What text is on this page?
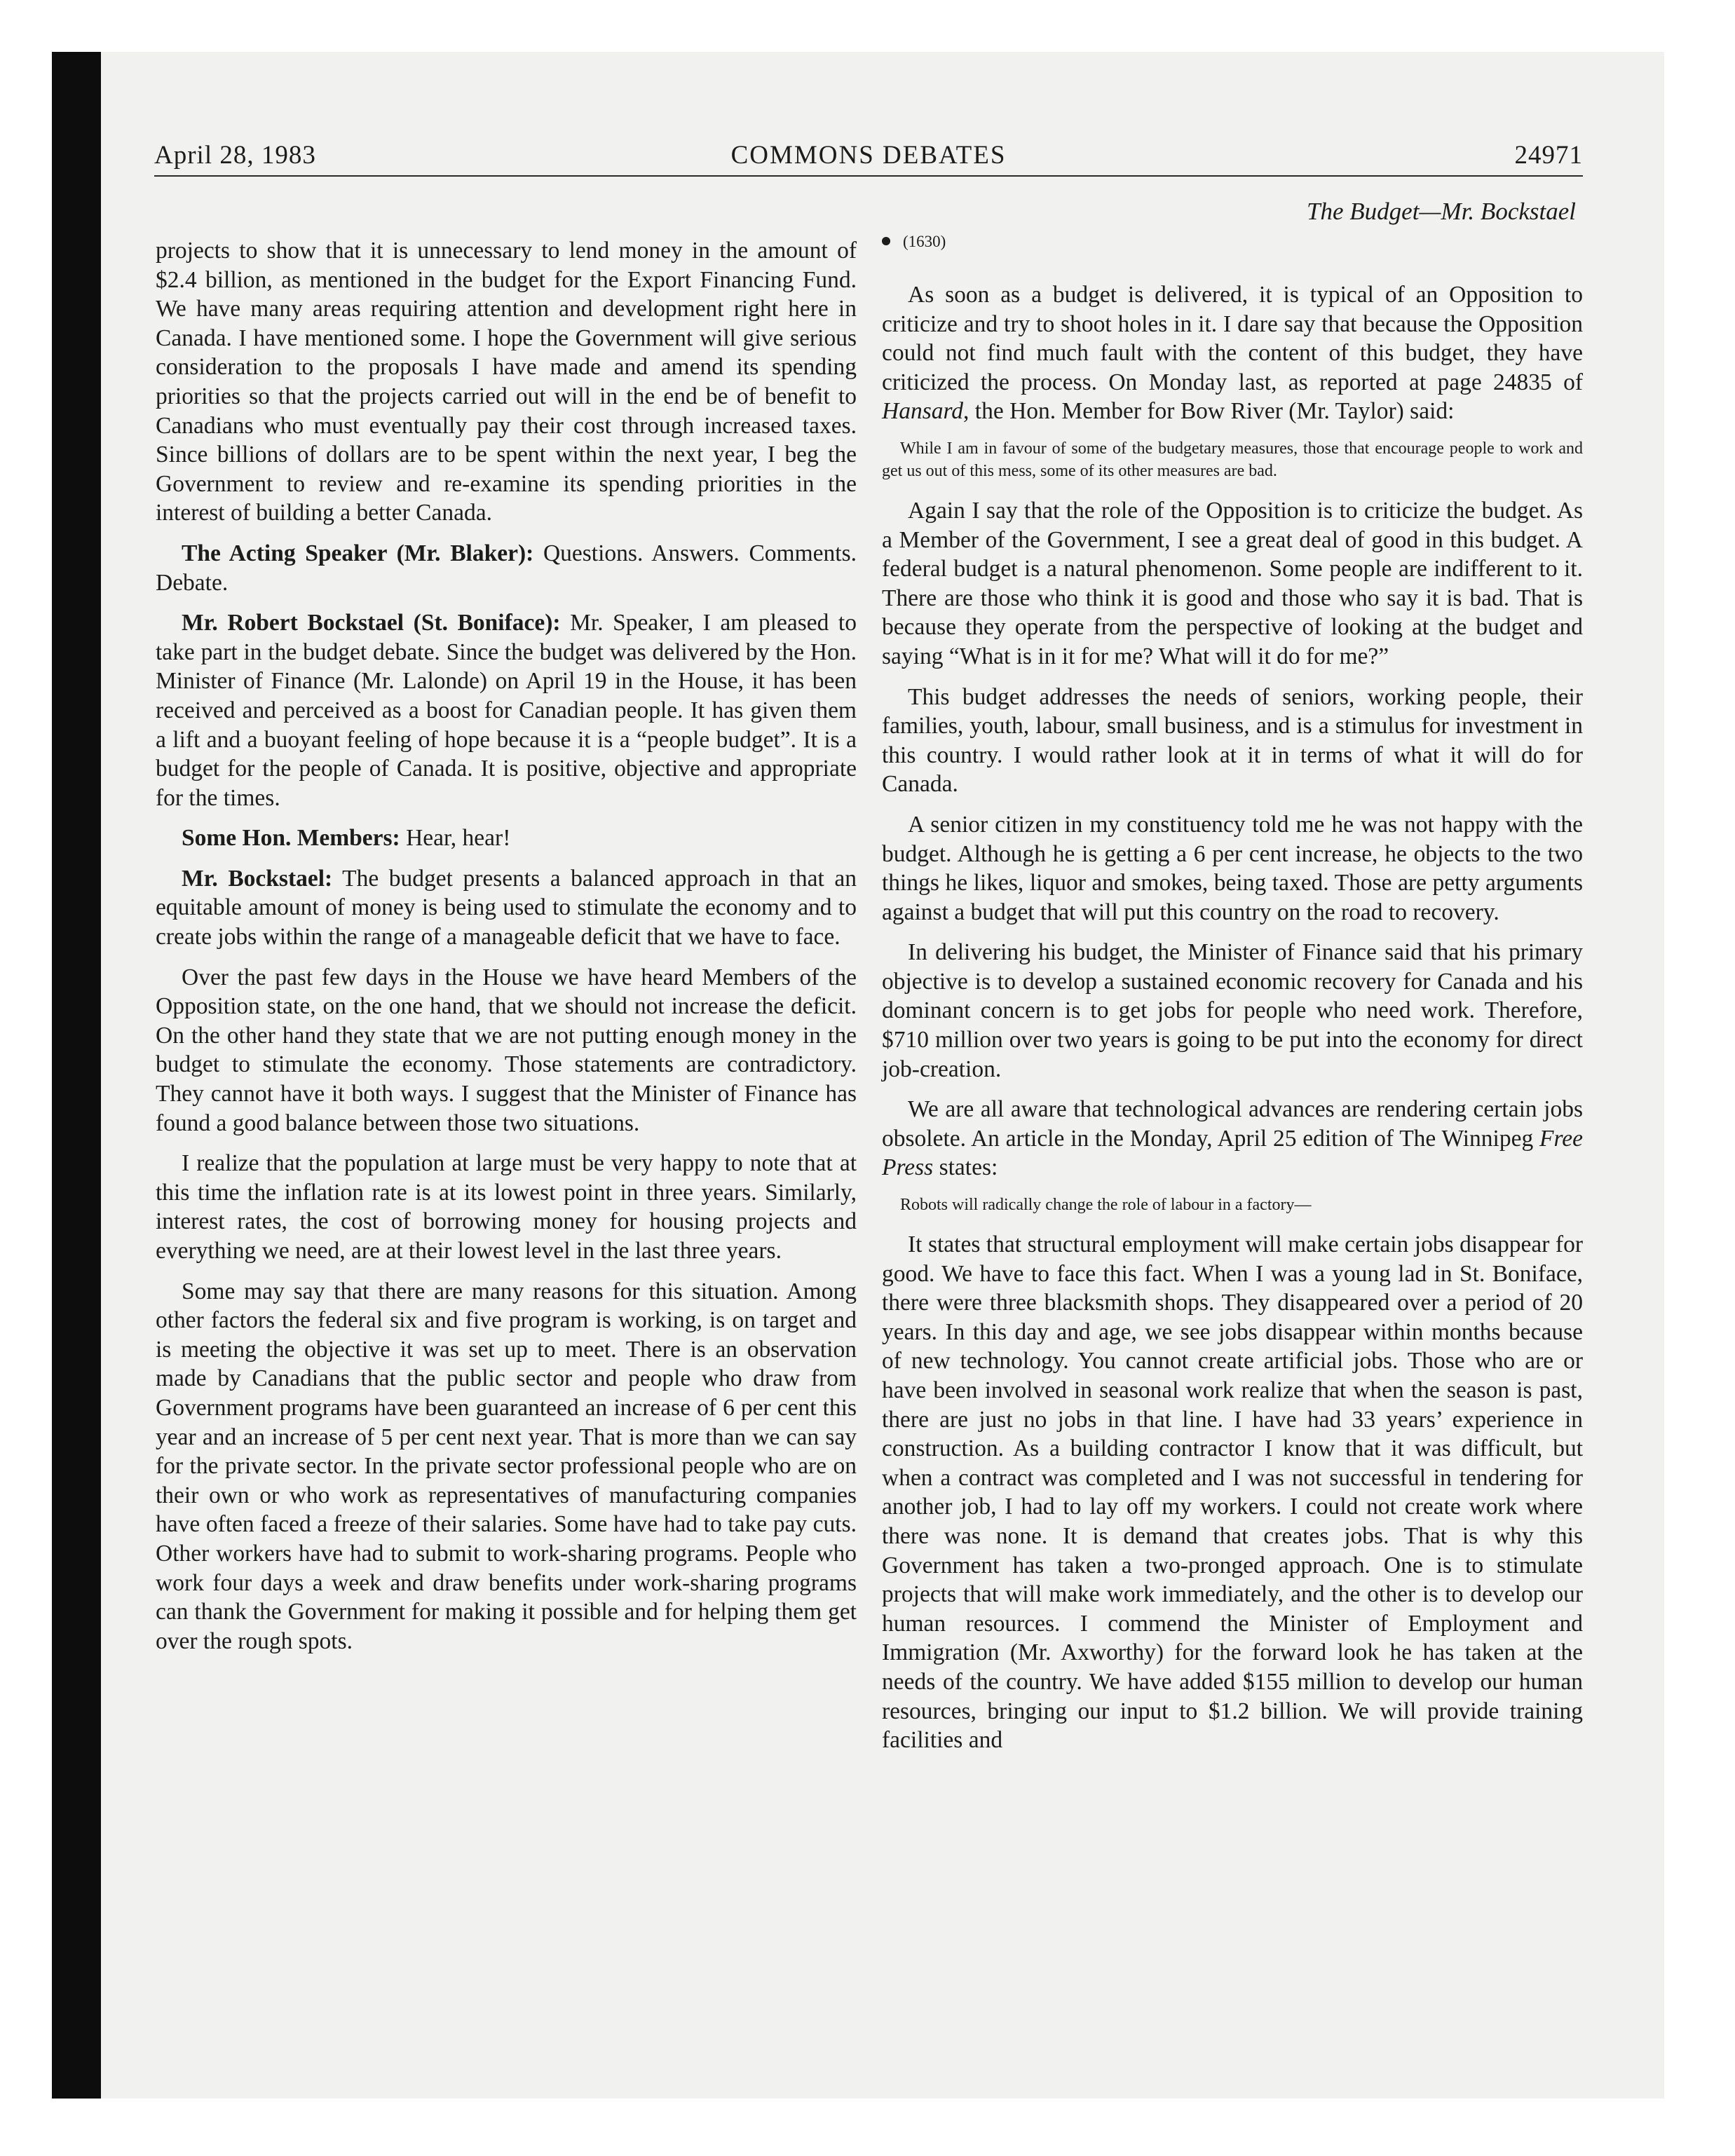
April 28, 1983	COMMONS DEBATES	24971

projects to show that it is unnecessary to lend money in the amount of $2.4 billion, as mentioned in the budget for the Export Financing Fund. We have many areas requiring attention and development right here in Canada. I have mentioned some. I hope the Government will give serious consideration to the proposals I have made and amend its spending priorities so that the projects carried out will in the end be of benefit to Canadians who must eventually pay their cost through increased taxes. Since billions of dollars are to be spent within the next year, I beg the Government to review and re-examine its spending priorities in the interest of building a better Canada.

The Acting Speaker (Mr. Blaker): Questions. Answers. Comments. Debate.

Mr. Robert Bockstael (St. Boniface): Mr. Speaker, I am pleased to take part in the budget debate. Since the budget was delivered by the Hon. Minister of Finance (Mr. Lalonde) on April 19 in the House, it has been received and perceived as a boost for Canadian people. It has given them a lift and a buoyant feeling of hope because it is a “people budget”. It is a budget for the people of Canada. It is positive, objective and appropriate for the times.

Some Hon. Members: Hear, hear!

Mr. Bockstael: The budget presents a balanced approach in that an equitable amount of money is being used to stimulate the economy and to create jobs within the range of a manageable deficit that we have to face.

Over the past few days in the House we have heard Members of the Opposition state, on the one hand, that we should not increase the deficit. On the other hand they state that we are not putting enough money in the budget to stimulate the economy. Those statements are contradictory. They cannot have it both ways. I suggest that the Minister of Finance has found a good balance between those two situations.

I realize that the population at large must be very happy to note that at this time the inflation rate is at its lowest point in three years. Similarly, interest rates, the cost of borrowing money for housing projects and everything we need, are at their lowest level in the last three years.

Some may say that there are many reasons for this situation. Among other factors the federal six and five program is working, is on target and is meeting the objective it was set up to meet. There is an observation made by Canadians that the public sector and people who draw from Government programs have been guaranteed an increase of 6 per cent this year and an increase of 5 per cent next year. That is more than we can say for the private sector. In the private sector professional people who are on their own or who work as representatives of manufacturing companies have often faced a freeze of their salaries. Some have had to take pay cuts. Other workers have had to submit to work-sharing programs. People who work four days a week and draw benefits under work-sharing programs can thank the Government for making it possible and for helping them get over the rough spots.

The Budget—Mr. Bockstael
(1630)

As soon as a budget is delivered, it is typical of an Opposition to criticize and try to shoot holes in it. I dare say that because the Opposition could not find much fault with the content of this budget, they have criticized the process. On Monday last, as reported at page 24835 of Hansard, the Hon. Member for Bow River (Mr. Taylor) said:

While I am in favour of some of the budgetary measures, those that encourage people to work and get us out of this mess, some of its other measures are bad.

Again I say that the role of the Opposition is to criticize the budget. As a Member of the Government, I see a great deal of good in this budget. A federal budget is a natural phenomenon. Some people are indifferent to it. There are those who think it is good and those who say it is bad. That is because they operate from the perspective of looking at the budget and saying “What is in it for me? What will it do for me?”

This budget addresses the needs of seniors, working people, their families, youth, labour, small business, and is a stimulus for investment in this country. I would rather look at it in terms of what it will do for Canada.

A senior citizen in my constituency told me he was not happy with the budget. Although he is getting a 6 per cent increase, he objects to the two things he likes, liquor and smokes, being taxed. Those are petty arguments against a budget that will put this country on the road to recovery.

In delivering his budget, the Minister of Finance said that his primary objective is to develop a sustained economic recovery for Canada and his dominant concern is to get jobs for people who need work. Therefore, $710 million over two years is going to be put into the economy for direct job-creation.

We are all aware that technological advances are rendering certain jobs obsolete. An article in the Monday, April 25 edition of The Winnipeg Free Press states:

Robots will radically change the role of labour in a factory—

It states that structural employment will make certain jobs disappear for good. We have to face this fact. When I was a young lad in St. Boniface, there were three blacksmith shops. They disappeared over a period of 20 years. In this day and age, we see jobs disappear within months because of new technology. You cannot create artificial jobs. Those who are or have been involved in seasonal work realize that when the season is past, there are just no jobs in that line. I have had 33 years’ experience in construction. As a building contractor I know that it was difficult, but when a contract was completed and I was not successful in tendering for another job, I had to lay off my workers. I could not create work where there was none. It is demand that creates jobs. That is why this Government has taken a two-pronged approach. One is to stimulate projects that will make work immediately, and the other is to develop our human resources. I commend the Minister of Employment and Immigration (Mr. Axworthy) for the forward look he has taken at the needs of the country. We have added $155 million to develop our human resources, bringing our input to $1.2 billion. We will provide training facilities and
